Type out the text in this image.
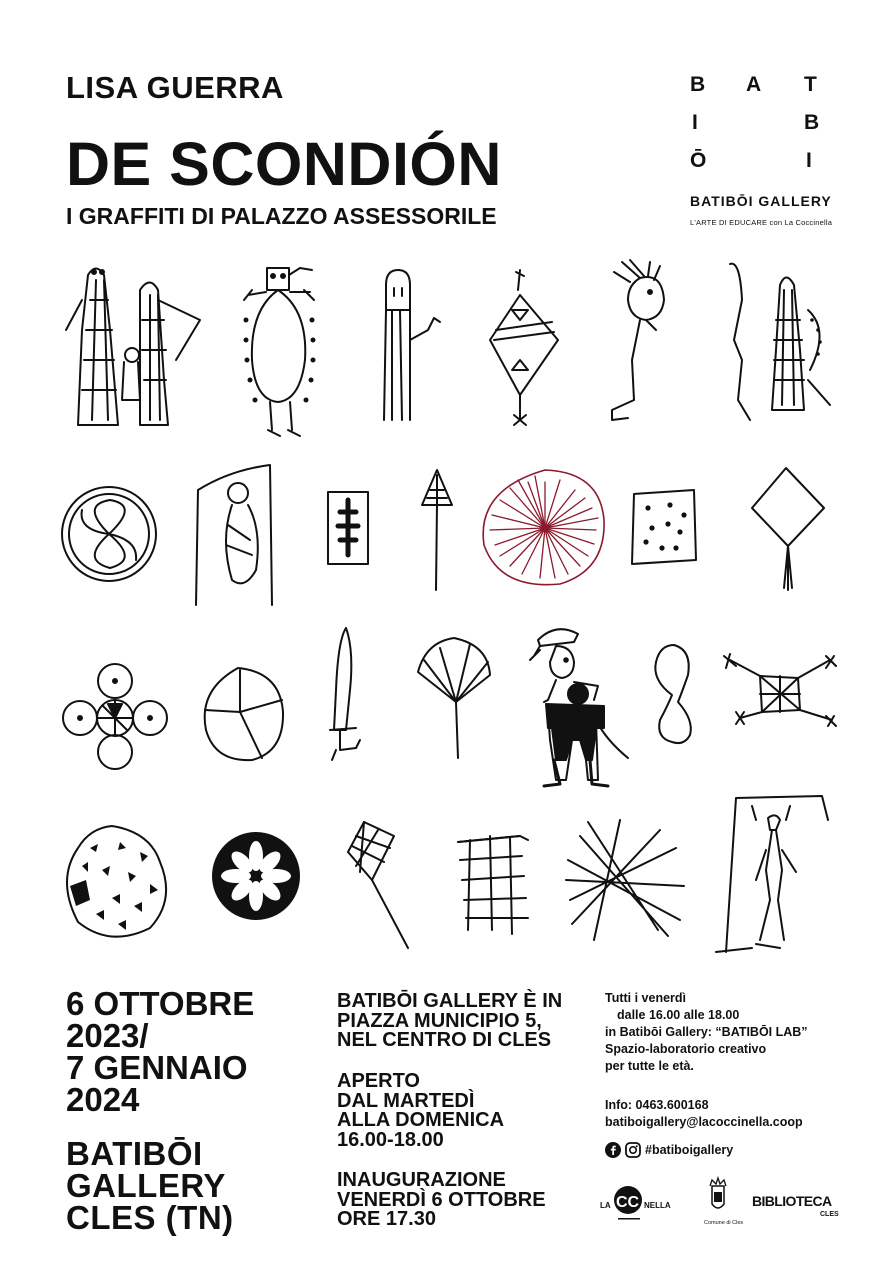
LISA GUERRA
DE SCONDIÓN
I GRAFFITI DI PALAZZO ASSESSORILE
B A T
I	B
Ō	I
BATIBŌI GALLERY
L'ARTE DI EDUCARE con La Coccinella
6 OTTOBRE
2023/
7 GENNAIO
2024
BATIBŌI
GALLERY
CLES (TN)
BATIBŌI GALLERY È IN
PIAZZA MUNICIPIO 5,
NEL CENTRO DI CLES
APERTO
DAL MARTEDÌ
ALLA DOMENICA
16.00-18.00
INAUGURAZIONE
VENERDÌ 6 OTTOBRE
ORE 17.30
Tutti i venerdì
dalle 16.00 alle 18.00
in Batibōi Gallery: “BATIBŌI LAB”
Spazio-laboratorio creativo
per tutte le età.
Info: 0463.600168
batiboigallery@lacoccinella.coop
#batiboigallery
LA CC NELLA
Comune di Cles
BIBLIOTECA
CLES
